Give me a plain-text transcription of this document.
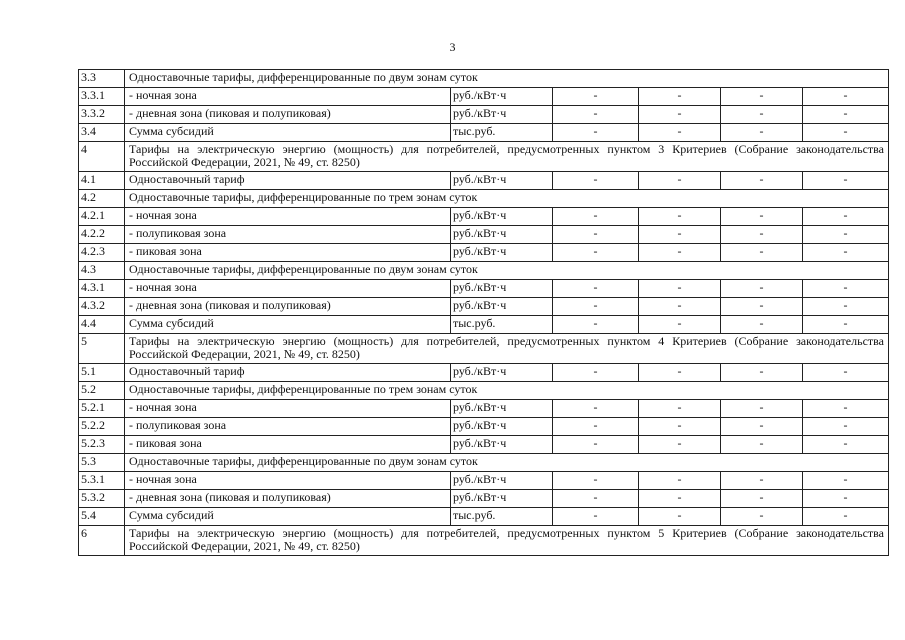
3
3.3	Одноставочные тарифы, дифференцированные по двум зонам суток					
3.3.1	- ночная зона	руб./кВт·ч	-	-	-	-
3.3.2	- дневная зона (пиковая и полупиковая)	руб./кВт·ч	-	-	-	-
3.4	Сумма субсидий	тыс.руб.	-	-	-	-
4	Тарифы на электрическую энергию (мощность) для потребителей, предусмотренных пунктом 3 Критериев (Собрание законодательства Российской Федерации, 2021, № 49, ст. 8250)					
4.1	Одноставочный тариф	руб./кВт·ч	-	-	-	-
4.2	Одноставочные тарифы, дифференцированные по трем зонам суток					
4.2.1	- ночная зона	руб./кВт·ч	-	-	-	-
4.2.2	- полупиковая зона	руб./кВт·ч	-	-	-	-
4.2.3	- пиковая зона	руб./кВт·ч	-	-	-	-
4.3	Одноставочные тарифы, дифференцированные по двум зонам суток					
4.3.1	- ночная зона	руб./кВт·ч	-	-	-	-
4.3.2	- дневная зона (пиковая и полупиковая)	руб./кВт·ч	-	-	-	-
4.4	Сумма субсидий	тыс.руб.	-	-	-	-
5	Тарифы на электрическую энергию (мощность) для потребителей, предусмотренных пунктом 4 Критериев (Собрание законодательства Российской Федерации, 2021, № 49, ст. 8250)					
5.1	Одноставочный тариф	руб./кВт·ч	-	-	-	-
5.2	Одноставочные тарифы, дифференцированные по трем зонам суток					
5.2.1	- ночная зона	руб./кВт·ч	-	-	-	-
5.2.2	- полупиковая зона	руб./кВт·ч	-	-	-	-
5.2.3	- пиковая зона	руб./кВт·ч	-	-	-	-
5.3	Одноставочные тарифы, дифференцированные по двум зонам суток					
5.3.1	- ночная зона	руб./кВт·ч	-	-	-	-
5.3.2	- дневная зона (пиковая и полупиковая)	руб./кВт·ч	-	-	-	-
5.4	Сумма субсидий	тыс.руб.	-	-	-	-
6	Тарифы на электрическую энергию (мощность) для потребителей, предусмотренных пунктом 5 Критериев (Собрание законодательства Российской Федерации, 2021, № 49, ст. 8250)					
